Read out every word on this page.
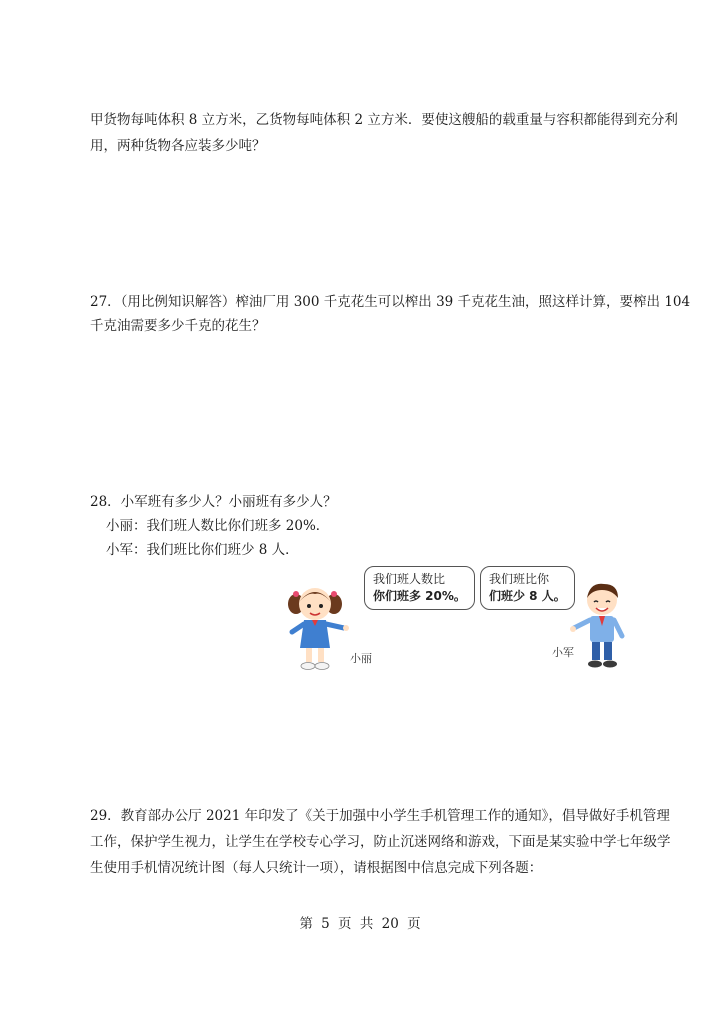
甲货物每吨体积 8 立方米，乙货物每吨体积 2 立方米．要使这艘船的载重量与容积都能得到充分利
用，两种货物各应装多少吨？
27．（用比例知识解答）榨油厂用 300 千克花生可以榨出 39 千克花生油，照这样计算，要榨出 104
千克油需要多少千克的花生？
28．小军班有多少人？小丽班有多少人？
小丽：我们班人数比你们班多 20%．
小军：我们班比你们班少 8 人．
我们班人数比
你们班多 20%。
小丽
我们班比你
们班少 8 人。
小军
29．教育部办公厅 2021 年印发了《关于加强中小学生手机管理工作的通知》，倡导做好手机管理
工作，保护学生视力，让学生在学校专心学习，防止沉迷网络和游戏，下面是某实验中学七年级学
生使用手机情况统计图（每人只统计一项），请根据图中信息完成下列各题：
第 5 页 共 20 页
